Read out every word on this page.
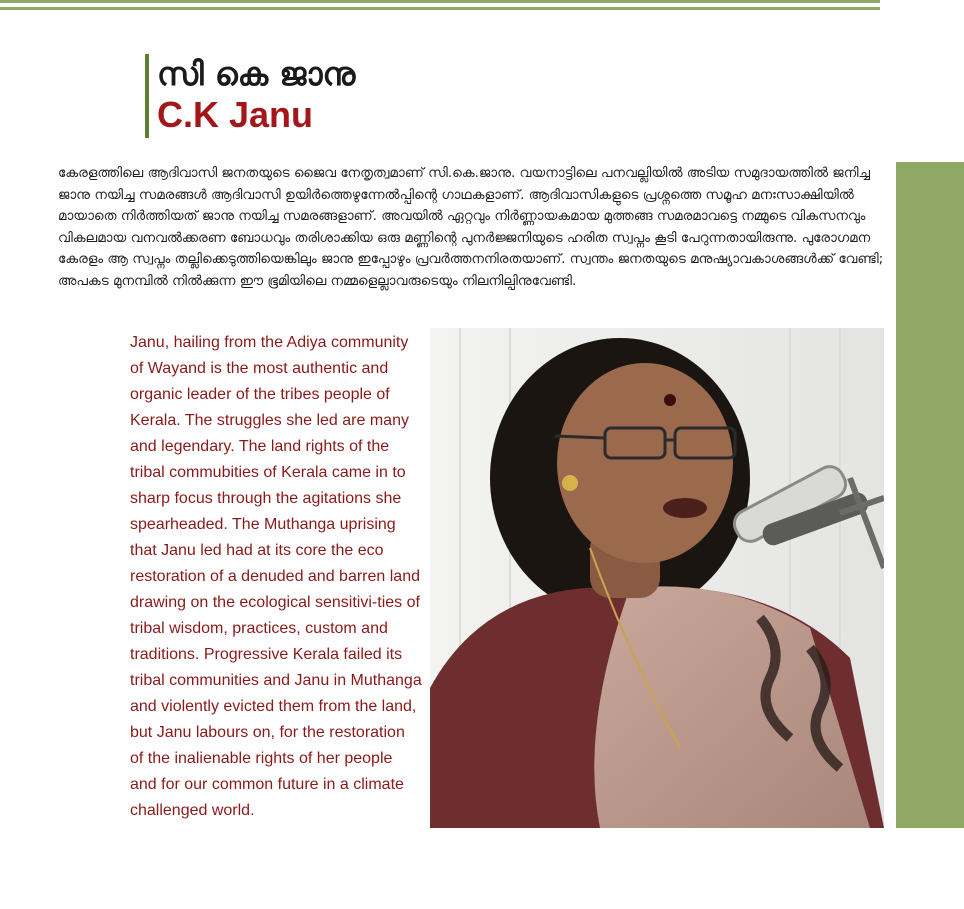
സി കെ ജാനു
C.K Janu

കേരളത്തിലെ ആദിവാസി ജനതയുടെ ജൈവ നേതൃത്വമാണ് സി.കെ.ജാനു. വയനാട്ടിലെ പനവല്ലിയിൽ അടിയ സമുദായത്തിൽ ജനിച്ച ജാനു നയിച്ച സമരങ്ങൾ ആദിവാസി ഉയിർത്തെഴുന്നേൽപ്പിന്റെ ഗാഥകളാണ്. ആദിവാസികളുടെ പ്രശ്നത്തെ സമൂഹ മനഃസാക്ഷിയിൽ മായാതെ നിർത്തിയത് ജാനു നയിച്ച സമരങ്ങളാണ്. അവയിൽ ഏറ്റവും നിർണ്ണായകമായ മുത്തങ്ങ സമരമാവട്ടെ നമ്മുടെ വികസനവും വികലമായ വനവൽക്കരണ ബോധവും തരിശാക്കിയ ഒരു മണ്ണിന്റെ പുനർജ്ജനിയുടെ ഹരിത സ്വപ്നം കൂടി പേറുന്നതായിരുന്നു. പുരോഗമന കേരളം ആ സ്വപ്നം തല്ലിക്കെടുത്തിയെങ്കിലും ജാനു ഇപ്പോഴും പ്രവർത്തനനിരതയാണ്. സ്വന്തം ജനതയുടെ മനുഷ്യാവകാശങ്ങൾക്ക് വേണ്ടി; അപകട മുനമ്പിൽ നിൽക്കുന്ന ഈ ഭൂമിയിലെ നമ്മളെല്ലാവരുടെയും നിലനില്പിനുവേണ്ടി.

Janu, hailing from the Adiya community of Wayand is the most authentic and organic leader of the tribes people of Kerala. The struggles she led are many and legendary. The land rights of the tribal commubities of Kerala came in to sharp focus through the agitations she spearheaded. The Muthanga uprising that Janu led had at its core the eco restoration of a denuded and barren land drawing on the ecological sensitivi-ties of tribal wisdom, practices, custom and traditions. Progressive Kerala failed its tribal communities and Janu in Muthanga and violently evicted them from the land, but Janu labours on, for the restoration of the inalienable rights of her people and for our common future in a climate challenged world.
